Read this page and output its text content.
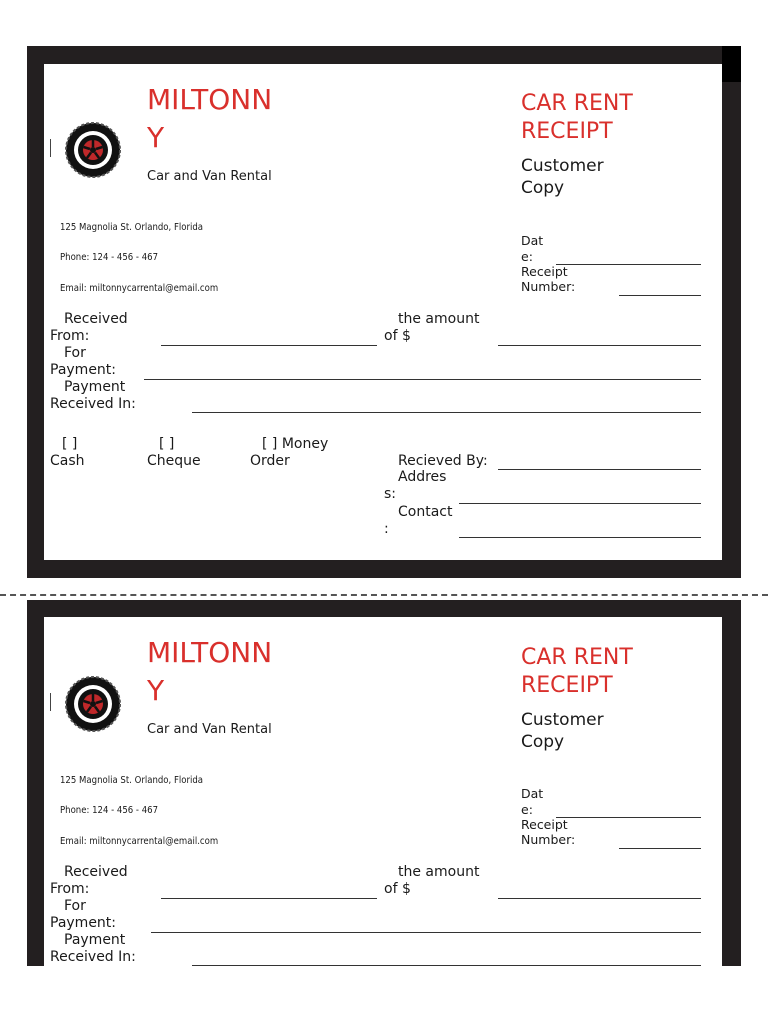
MILTONN
Y
Car and Van Rental
125 Magnolia St. Orlando, Florida
Phone: 124 - 456 - 467
Email: miltonnycarrental@email.com
CAR RENT
RECEIPT
Customer
Copy
Dat
e:
Receipt
Number:
Received
From:
the amount
of $
For
Payment:
Payment
Received In:
[ ]
Cash
[ ]
Cheque
[ ] Money
Order	Recieved By:
Addres
s:
Contact
:
MILTONN
Y
Car and Van Rental
125 Magnolia St. Orlando, Florida
Phone: 124 - 456 - 467
Email: miltonnycarrental@email.com
CAR RENT
RECEIPT
Customer
Copy
Dat
e:
Receipt
Number:
Received
From:
the amount
of $
For
Payment:
Payment
Received In:
